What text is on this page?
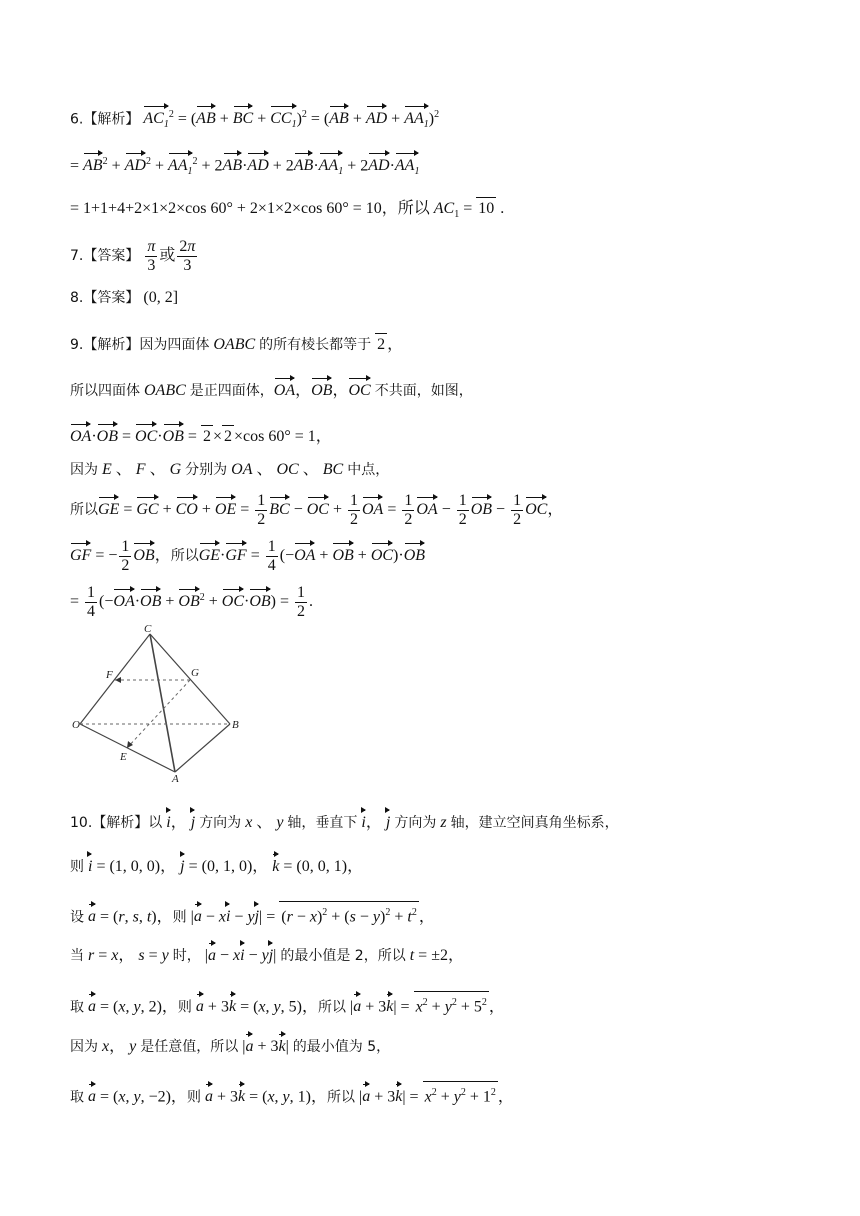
6.【解析】 $AC_1^2 = (AB$ + BC + $CC_1)^2 = (AB$ + AD + $AA_1)^2$
= $AB^2 + AD^2 + AA_1^2 + 2AB\cdot AD + 2AB\cdot AA_1 + 2AD\cdot AA_1$
= 1+1+4+2×1×2×cos 60° + 2×1×2×cos 60° = 10，所以 $AC_1 = 10$ .
7.【答案】 $\frac{\pi}{3}$ 或 $\frac{2\pi}{3}$
8.【答案】 (0, 2]
9.【解析】因为四面体 OABC 的所有棱长都等于 2 ，
所以四面体 OABC 是正四面体，OA，OB，OC 不共面，如图，
OA·OB = OC·OB = 2 × 2 ×cos 60° = 1，
因为 E 、 F 、 G 分别为 OA 、 OC 、 BC 中点，
所以GE = GC + CO + OE = $\frac{1}{2}$ BC − OC + $\frac{1}{2}$ OA = $\frac{1}{2}$ OA − $\frac{1}{2}$ OB − $\frac{1}{2}$ OC，
GF = − $\frac{1}{2}$ OB，所以$GE\cdot GF = \frac{1}{4} (-OA$ + OB + OC)·OB
= $\frac{1}{4} (-OA\cdot OB + OB^2 + OC\cdot OB) = \frac{1}{2}$ .
C
F	G
O	B
E
A
10.【解析】以 i， j 方向为 x 、 y 轴，垂直下 i， j 方向为 z 轴，建立空间真角坐标系，
则 i = (1, 0, 0)， j = (0, 1, 0)， k = (0, 0, 1)，
设 a = (r, s, t)，则 |a − xi − $yj| = (r - x)^2 + (s - y)^2 + t^2$ ，
当 r = x， s = y 时， |a − xi − yj| 的最小值是 2，所以 t = ±2，
取 a = (x, y, 2)，则 a + 3k = (x, y, 5)，所以 $|a + 3k| = x^2 + y^2 + 5^2$ ，
因为 x， y 是任意值，所以 |a + 3k| 的最小值为 5，
取 a = (x, y, −2)，则 a + 3k = (x, y, 1)，所以 $|a + 3k| = x^2 + y^2 + 1^2$ ，
